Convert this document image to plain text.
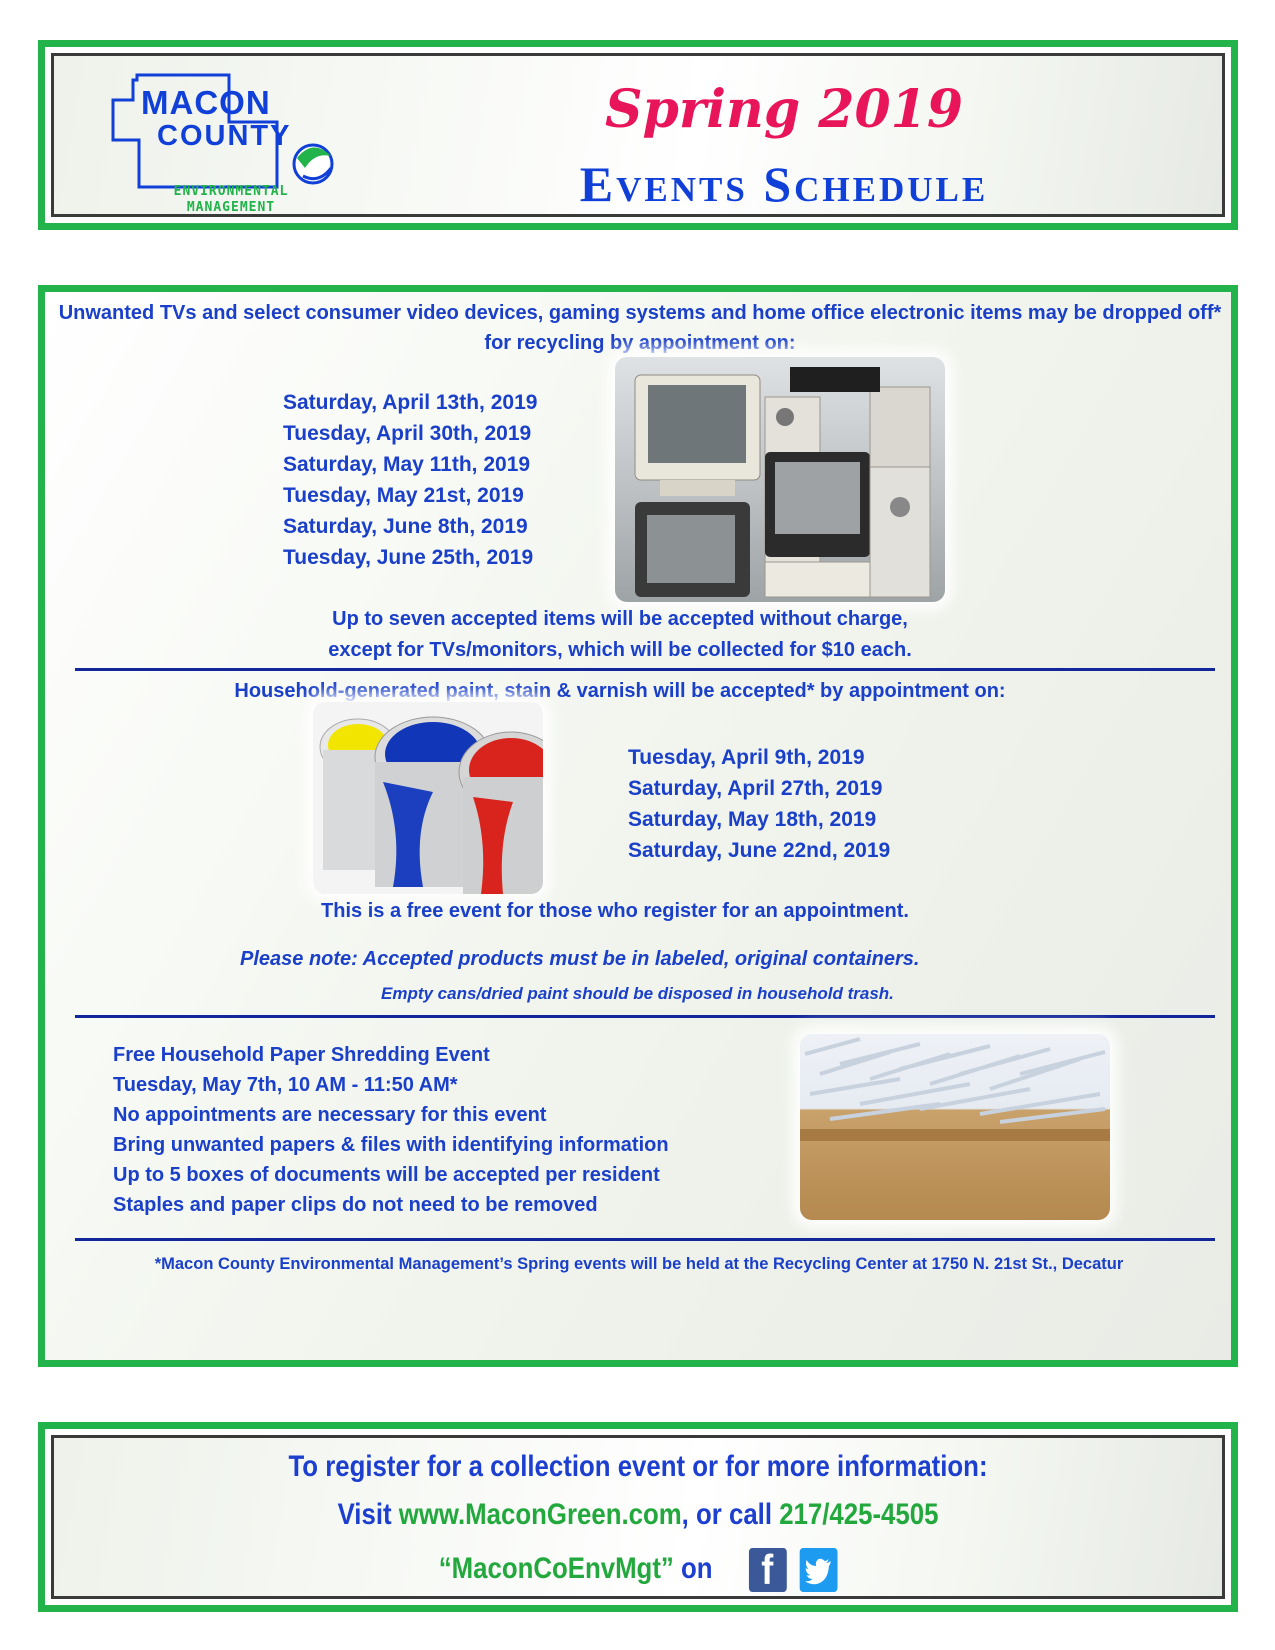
MACON
COUNTY
ENVIRONMENTAL
MANAGEMENT
Spring 2019
Events Schedule
Unwanted TVs and select consumer video devices, gaming systems and home office electronic items may be dropped off* for recycling by appointment on:
Saturday, April 13th, 2019
Tuesday, April 30th, 2019
Saturday, May 11th, 2019
Tuesday, May 21st, 2019
Saturday, June 8th, 2019
Tuesday, June 25th, 2019
Up to seven accepted items will be accepted without charge,
except for TVs/monitors, which will be collected for $10 each.
Household-generated paint, stain & varnish will be accepted* by appointment on:
Tuesday, April 9th, 2019
Saturday, April 27th, 2019
Saturday, May 18th, 2019
Saturday, June 22nd, 2019
This is a free event for those who register for an appointment.
Please note: Accepted products must be in labeled, original containers.
Empty cans/dried paint should be disposed in household trash.
Free Household Paper Shredding Event
Tuesday, May 7th, 10 AM - 11:50 AM*
No appointments are necessary for this event
Bring unwanted papers & files with identifying information
Up to 5 boxes of documents will be accepted per resident
Staples and paper clips do not need to be removed
*Macon County Environmental Management’s Spring events will be held at the Recycling Center at 1750 N. 21st St., Decatur
To register for a collection event or for more information:
Visit www.MaconGreen.com, or call 217/425-4505
“MaconCoEnvMgt” on f
